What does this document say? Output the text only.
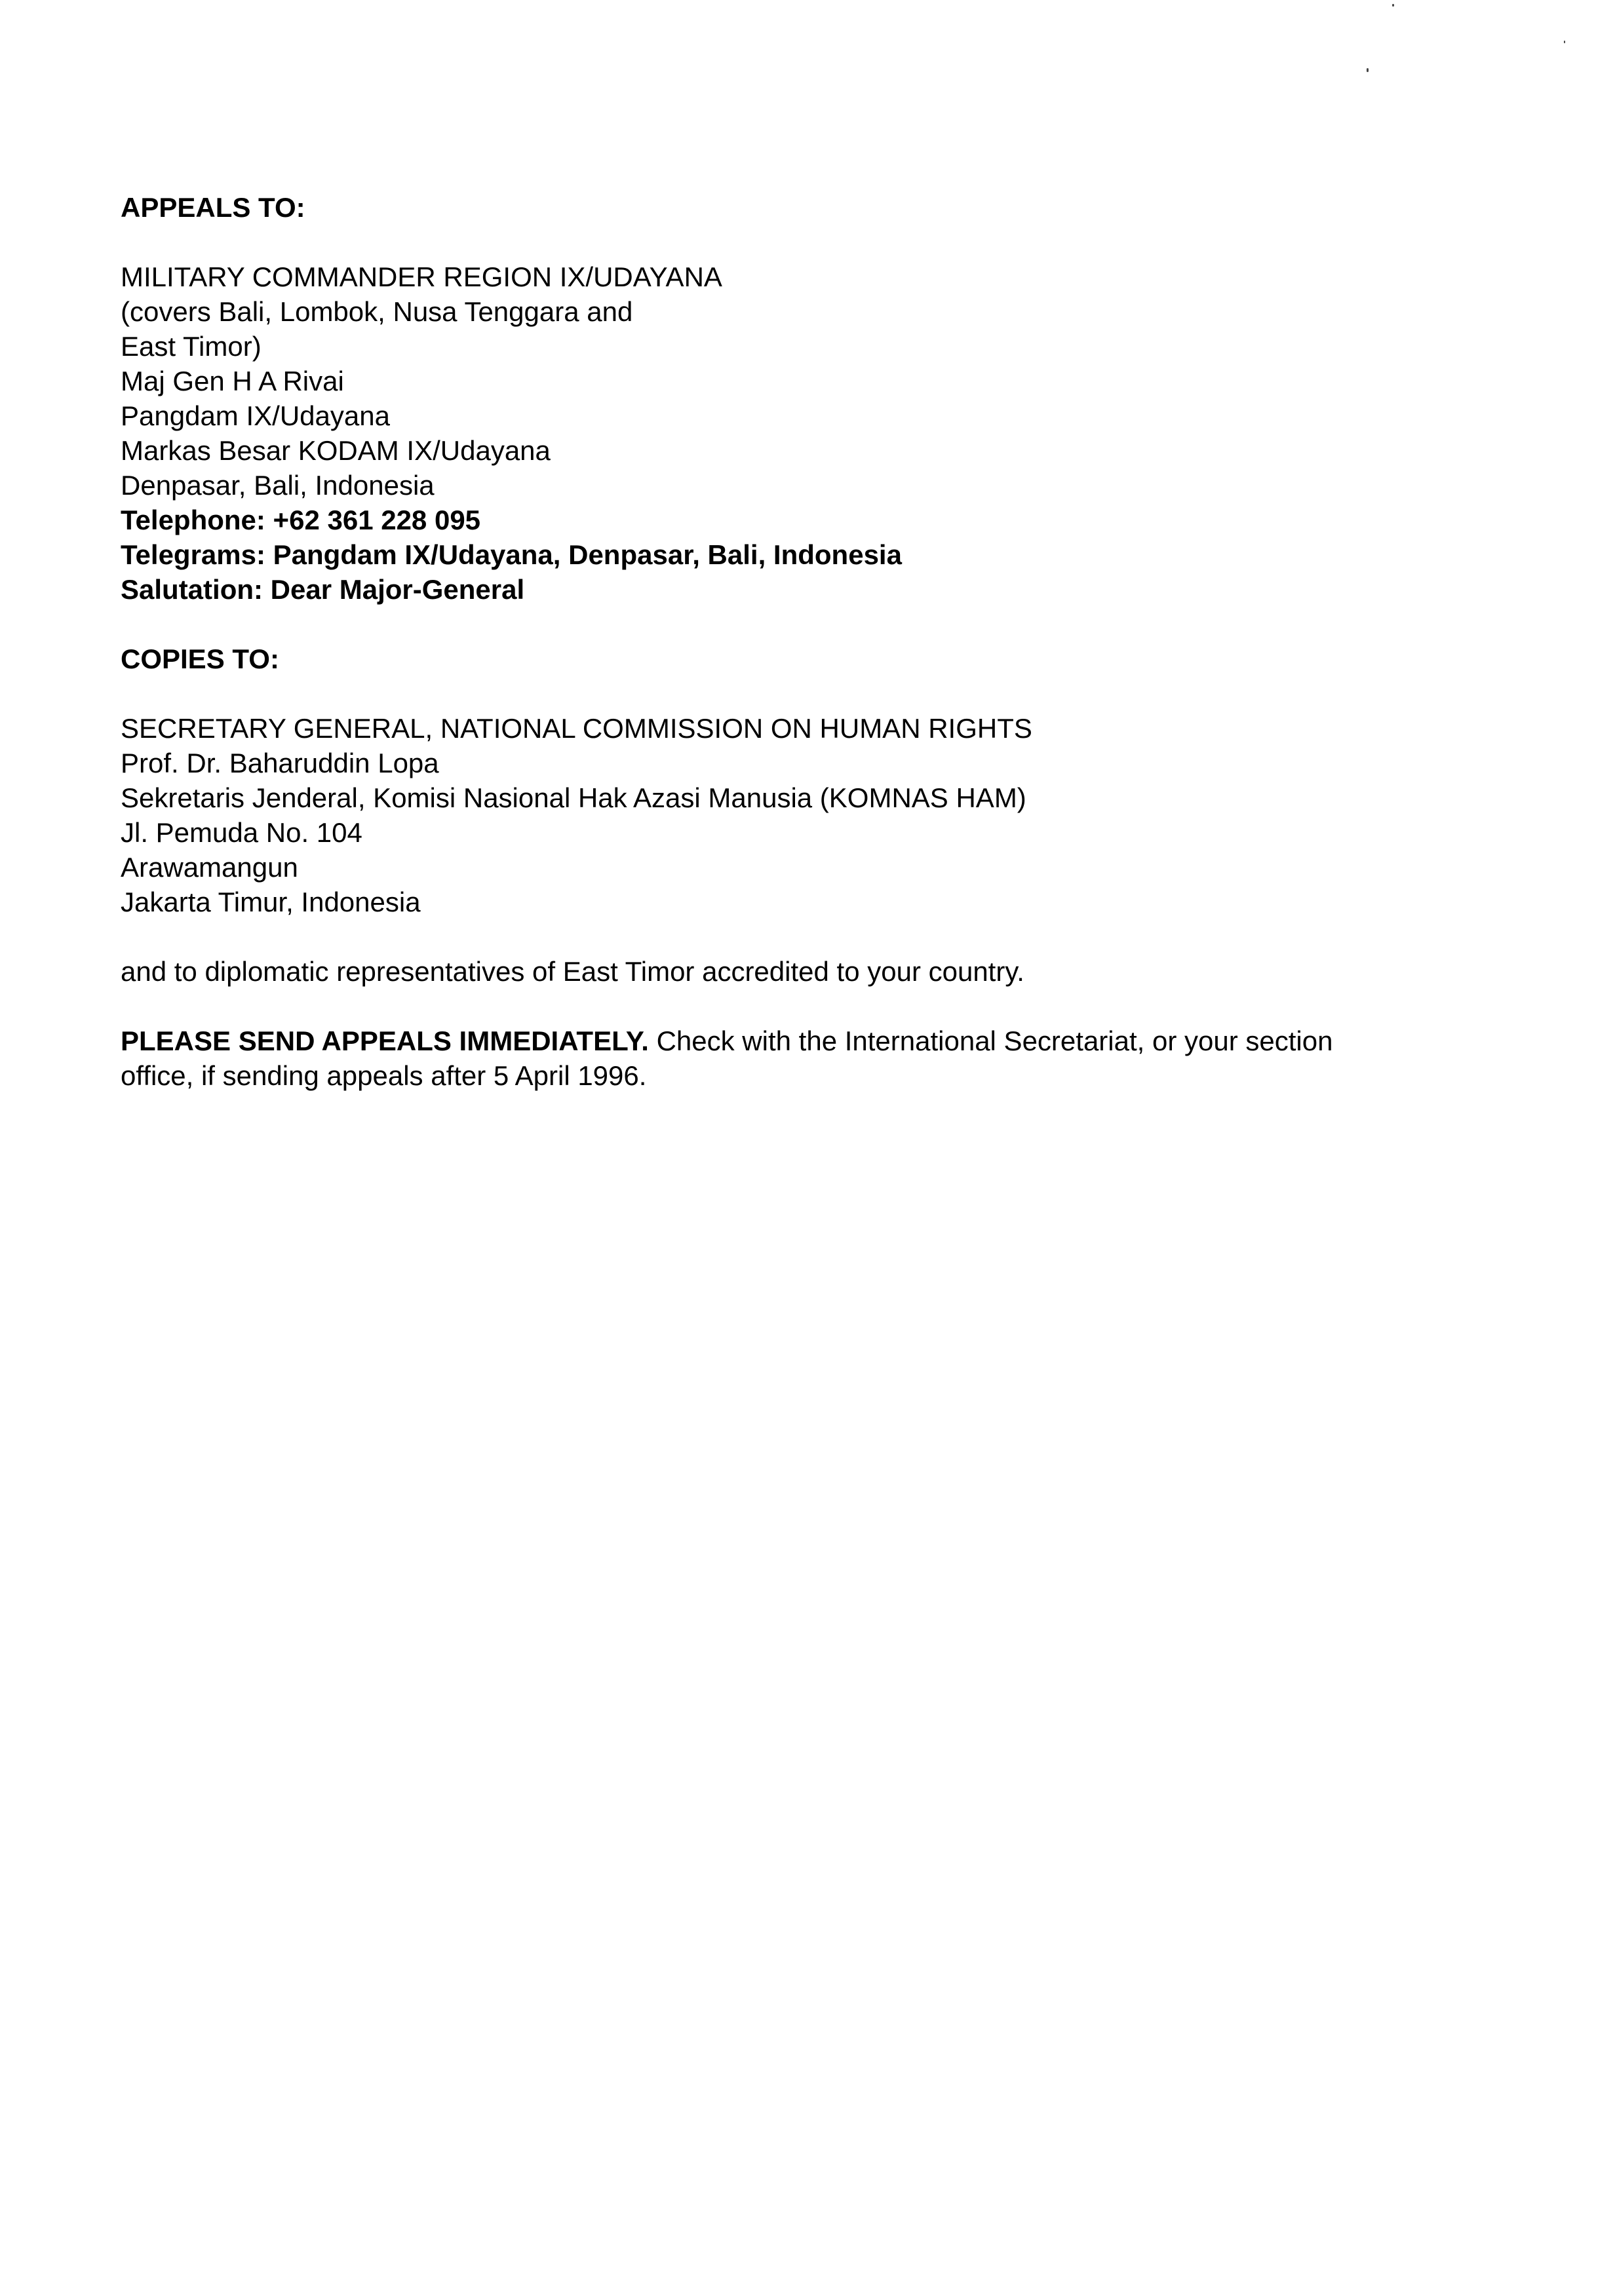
APPEALS TO:
MILITARY COMMANDER REGION IX/UDAYANA
(covers Bali, Lombok, Nusa Tenggara and
East Timor)
Maj Gen H A Rivai
Pangdam IX/Udayana
Markas Besar KODAM IX/Udayana
Denpasar, Bali, Indonesia
Telephone: +62 361 228 095
Telegrams: Pangdam IX/Udayana, Denpasar, Bali, Indonesia
Salutation: Dear Major-General
COPIES TO:
SECRETARY GENERAL, NATIONAL COMMISSION ON HUMAN RIGHTS
Prof. Dr. Baharuddin Lopa
Sekretaris Jenderal, Komisi Nasional Hak Azasi Manusia (KOMNAS HAM)
Jl. Pemuda No. 104
Arawamangun
Jakarta Timur, Indonesia

and to diplomatic representatives of East Timor accredited to your country.

PLEASE SEND APPEALS IMMEDIATELY. Check with the International Secretariat, or your section
office, if sending appeals after 5 April 1996.
